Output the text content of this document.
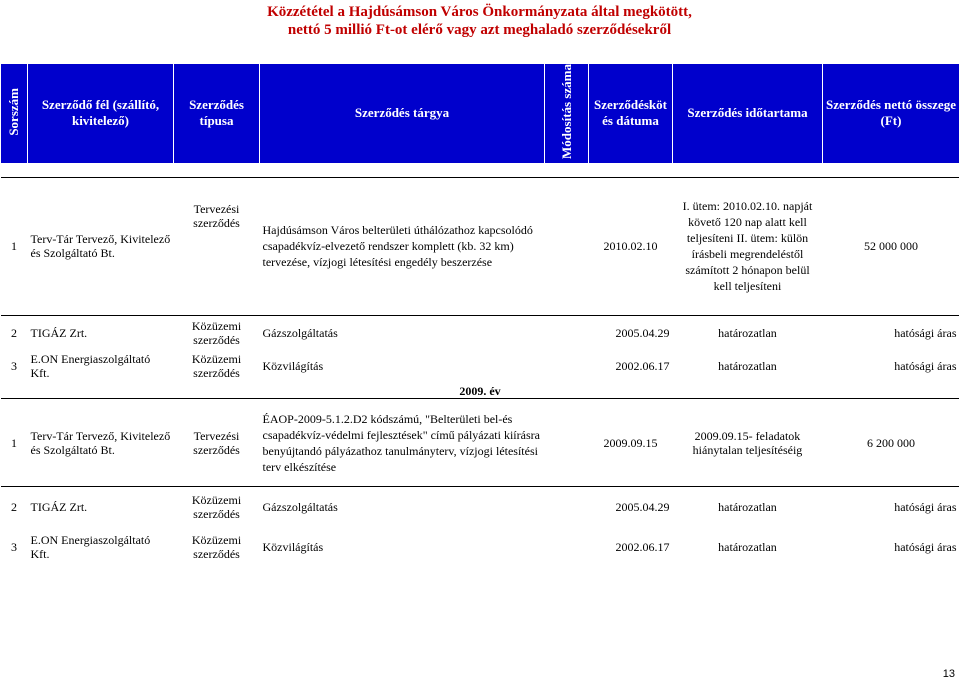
Közzététel a Hajdúsámson Város Önkormányzata által megkötött,
nettó 5 millió Ft-ot elérő vagy azt meghaladó szerződésekről
Sorszám	Szerződő fél (szállító, kivitelező)	Szerződés típusa	Szerződés tárgya	Módosítás száma	Szerződésköt és dátuma	Szerződés időtartama	Szerződés nettó összege (Ft)

1	Terv-Tár Tervező, Kivitelező és Szolgáltató Bt.	Tervezési szerződés	Hajdúsámson Város belterületi úthálózathoz kapcsolódó csapadékvíz-elvezető rendszer komplett (kb. 32 km) tervezése, vízjogi létesítési engedély beszerzése		2010.02.10	I. ütem: 2010.02.10. napját követő 120 nap alatt kell teljesíteni II. ütem: külön írásbeli megrendeléstől számított 2 hónapon belül kell teljesíteni	52 000 000
2	TIGÁZ Zrt.	Közüzemi szerződés	Gázszolgáltatás		2005.04.29	határozatlan	hatósági áras
3	E.ON Energiaszolgáltató Kft.	Közüzemi szerződés	Közvilágítás		2002.06.17	határozatlan	hatósági áras
2009. év							
1	Terv-Tár Tervező, Kivitelező és Szolgáltató Bt.	Tervezési szerződés	ÉAOP-2009-5.1.2.D2 kódszámú, "Belterületi bel-és csapadékvíz-védelmi fejlesztések" című pályázati kiírásra benyújtandó pályázathoz tanulmányterv, vízjogi létesítési terv elkészítése		2009.09.15	2009.09.15- feladatok hiánytalan teljesítéséig	6 200 000
2	TIGÁZ Zrt.	Közüzemi szerződés	Gázszolgáltatás		2005.04.29	határozatlan	hatósági áras
3	E.ON Energiaszolgáltató Kft.	Közüzemi szerződés	Közvilágítás		2002.06.17	határozatlan	hatósági áras
13
